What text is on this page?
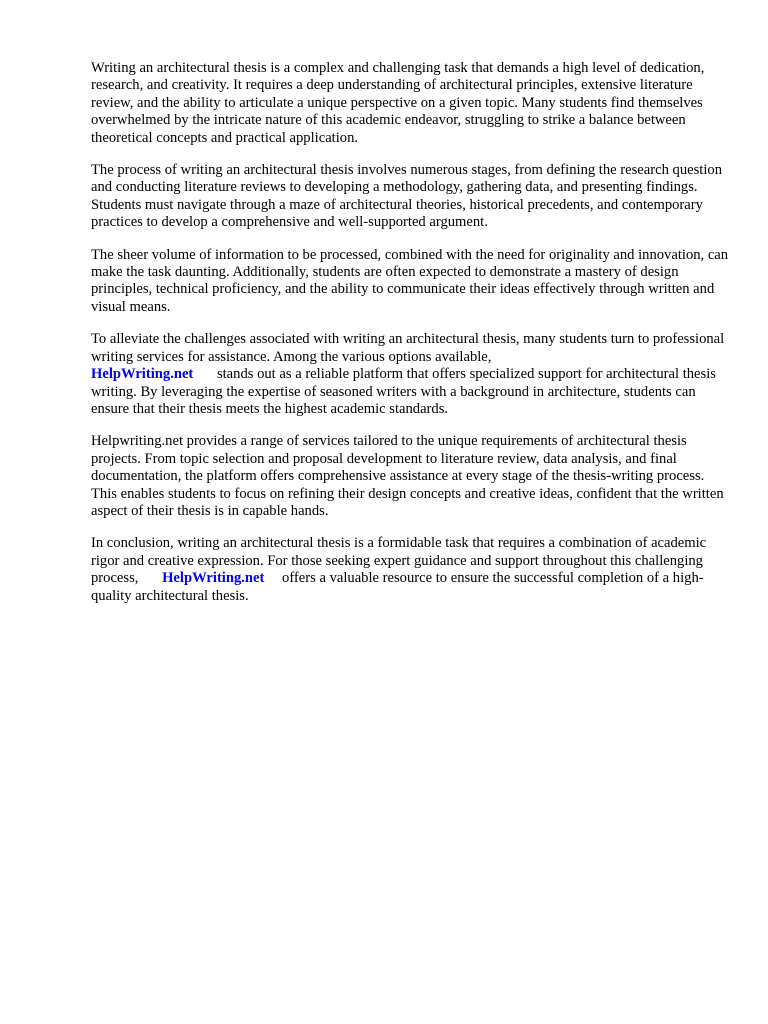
Writing an architectural thesis is a complex and challenging task that demands a high level of dedication, research, and creativity. It requires a deep understanding of architectural principles, extensive literature review, and the ability to articulate a unique perspective on a given topic. Many students find themselves overwhelmed by the intricate nature of this academic endeavor, struggling to strike a balance between theoretical concepts and practical application.

The process of writing an architectural thesis involves numerous stages, from defining the research question and conducting literature reviews to developing a methodology, gathering data, and presenting findings. Students must navigate through a maze of architectural theories, historical precedents, and contemporary practices to develop a comprehensive and well-supported argument.

The sheer volume of information to be processed, combined with the need for originality and innovation, can make the task daunting. Additionally, students are often expected to demonstrate a mastery of design principles, technical proficiency, and the ability to communicate their ideas effectively through written and visual means.

To alleviate the challenges associated with writing an architectural thesis, many students turn to professional writing services for assistance. Among the various options available,
HelpWriting.net stands out as a reliable platform that offers specialized support for architectural thesis writing. By leveraging the expertise of seasoned writers with a background in architecture, students can ensure that their thesis meets the highest academic standards.

Helpwriting.net provides a range of services tailored to the unique requirements of architectural thesis projects. From topic selection and proposal development to literature review, data analysis, and final documentation, the platform offers comprehensive assistance at every stage of the thesis-writing process. This enables students to focus on refining their design concepts and creative ideas, confident that the written aspect of their thesis is in capable hands.

In conclusion, writing an architectural thesis is a formidable task that requires a combination of academic rigor and creative expression. For those seeking expert guidance and support throughout this challenging process, HelpWriting.net offers a valuable resource to ensure the successful completion of a high-quality architectural thesis.
